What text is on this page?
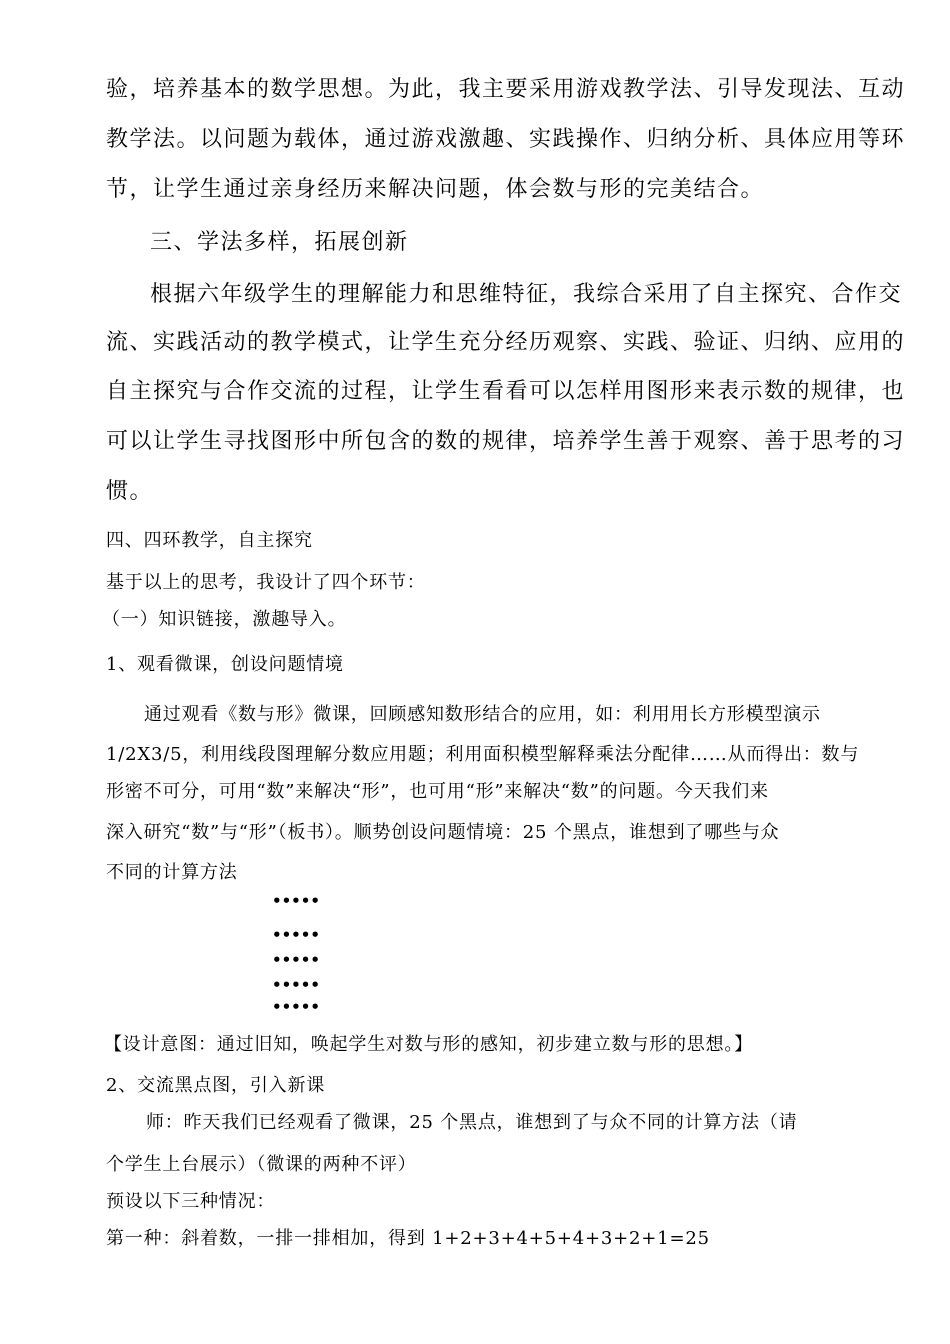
验，培养基本的数学思想。为此，我主要采用游戏教学法、引导发现法、互动
教学法。以问题为载体，通过游戏激趣、实践操作、归纳分析、具体应用等环
节，让学生通过亲身经历来解决问题，体会数与形的完美结合。
三、学法多样，拓展创新
根据六年级学生的理解能力和思维特征，我综合采用了自主探究、合作交
流、实践活动的教学模式，让学生充分经历观察、实践、验证、归纳、应用的
自主探究与合作交流的过程，让学生看看可以怎样用图形来表示数的规律，也
可以让学生寻找图形中所包含的数的规律，培养学生善于观察、善于思考的习
惯。
四、四环教学，自主探究
基于以上的思考，我设计了四个环节：
（一）知识链接，激趣导入。
1、观看微课，创设问题情境
通过观看《数与形》微课，回顾感知数形结合的应用，如：利用用长方形模型演示
1/2X3/5，利用线段图理解分数应用题；利用面积模型解释乘法分配律……从而得出：数与
形密不可分，可用“数”来解决“形”，也可用“形”来解决“数”的问题。今天我们来
深入研究“数”与“形”（板书）。顺势创设问题情境：25 个黑点，谁想到了哪些与众
不同的计算方法
•••••
•••••
•••••
•••••
•••••
【设计意图：通过旧知，唤起学生对数与形的感知，初步建立数与形的思想。】
2、交流黑点图，引入新课
师：昨天我们已经观看了微课，25 个黑点，谁想到了与众不同的计算方法（请
个学生上台展示）（微课的两种不评）
预设以下三种情况：
第一种：斜着数，一排一排相加，得到 1+2+3+4+5+4+3+2+1=25
